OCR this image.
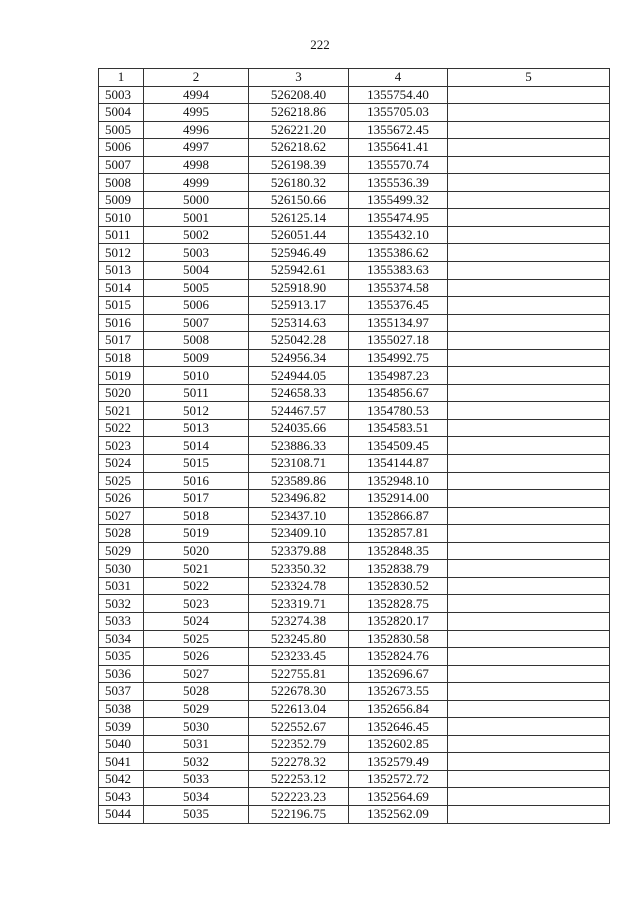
222
1	2	3	4	5
5003	4994	526208.40	1355754.40	
5004	4995	526218.86	1355705.03	
5005	4996	526221.20	1355672.45	
5006	4997	526218.62	1355641.41	
5007	4998	526198.39	1355570.74	
5008	4999	526180.32	1355536.39	
5009	5000	526150.66	1355499.32	
5010	5001	526125.14	1355474.95	
5011	5002	526051.44	1355432.10	
5012	5003	525946.49	1355386.62	
5013	5004	525942.61	1355383.63	
5014	5005	525918.90	1355374.58	
5015	5006	525913.17	1355376.45	
5016	5007	525314.63	1355134.97	
5017	5008	525042.28	1355027.18	
5018	5009	524956.34	1354992.75	
5019	5010	524944.05	1354987.23	
5020	5011	524658.33	1354856.67	
5021	5012	524467.57	1354780.53	
5022	5013	524035.66	1354583.51	
5023	5014	523886.33	1354509.45	
5024	5015	523108.71	1354144.87	
5025	5016	523589.86	1352948.10	
5026	5017	523496.82	1352914.00	
5027	5018	523437.10	1352866.87	
5028	5019	523409.10	1352857.81	
5029	5020	523379.88	1352848.35	
5030	5021	523350.32	1352838.79	
5031	5022	523324.78	1352830.52	
5032	5023	523319.71	1352828.75	
5033	5024	523274.38	1352820.17	
5034	5025	523245.80	1352830.58	
5035	5026	523233.45	1352824.76	
5036	5027	522755.81	1352696.67	
5037	5028	522678.30	1352673.55	
5038	5029	522613.04	1352656.84	
5039	5030	522552.67	1352646.45	
5040	5031	522352.79	1352602.85	
5041	5032	522278.32	1352579.49	
5042	5033	522253.12	1352572.72	
5043	5034	522223.23	1352564.69	
5044	5035	522196.75	1352562.09	
